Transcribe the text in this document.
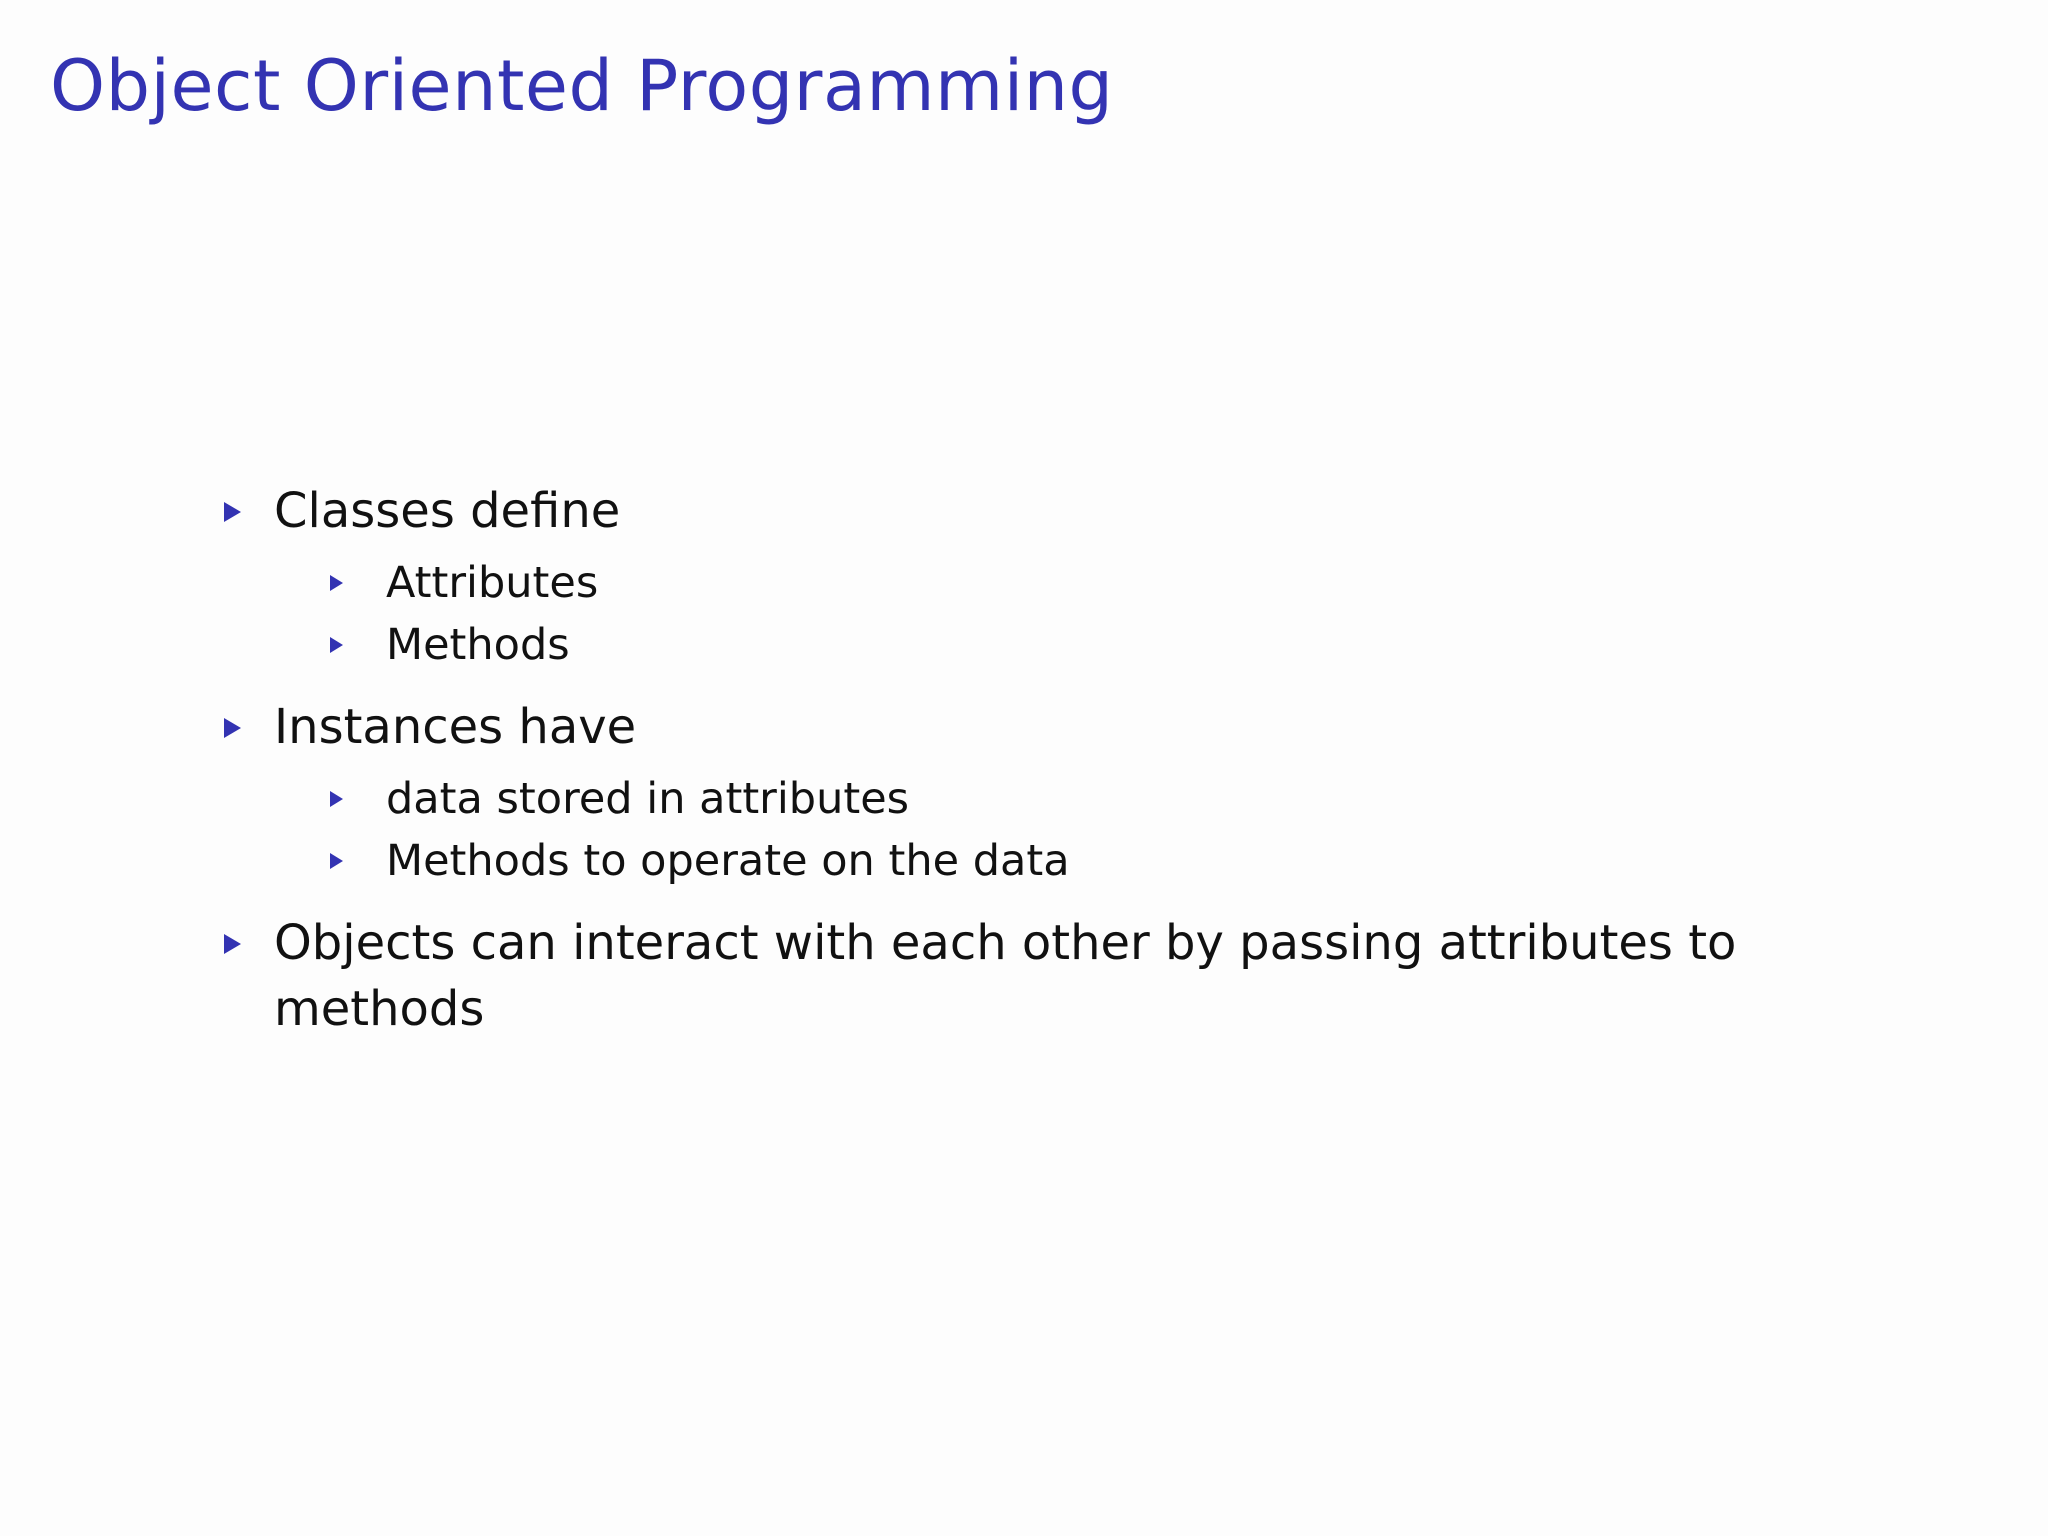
Object Oriented Programming
Classes define
Attributes
Methods
Instances have
data stored in attributes
Methods to operate on the data
Objects can interact with each other by passing attributes to methods
